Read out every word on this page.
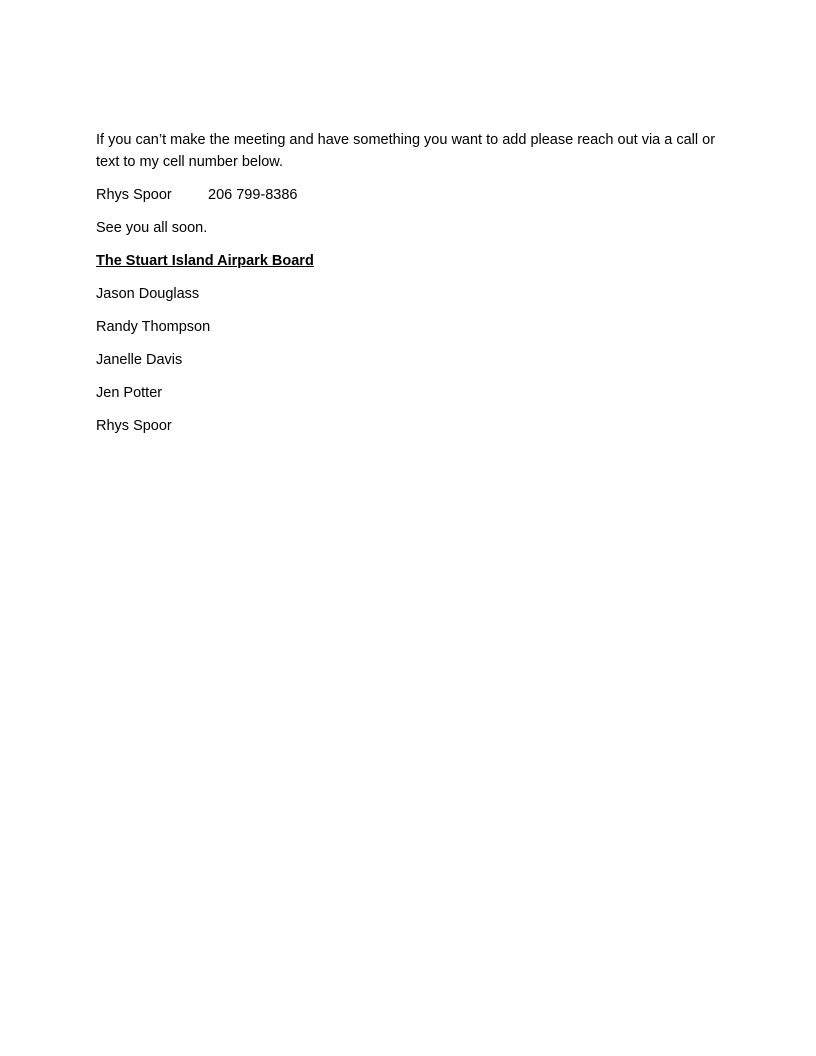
If you can’t make the meeting and have something you want to add please reach out via a call or text to my cell number below.

Rhys Spoor 206 799-8386

See you all soon.

The Stuart Island Airpark Board

Jason Douglass

Randy Thompson

Janelle Davis

Jen Potter

Rhys Spoor
